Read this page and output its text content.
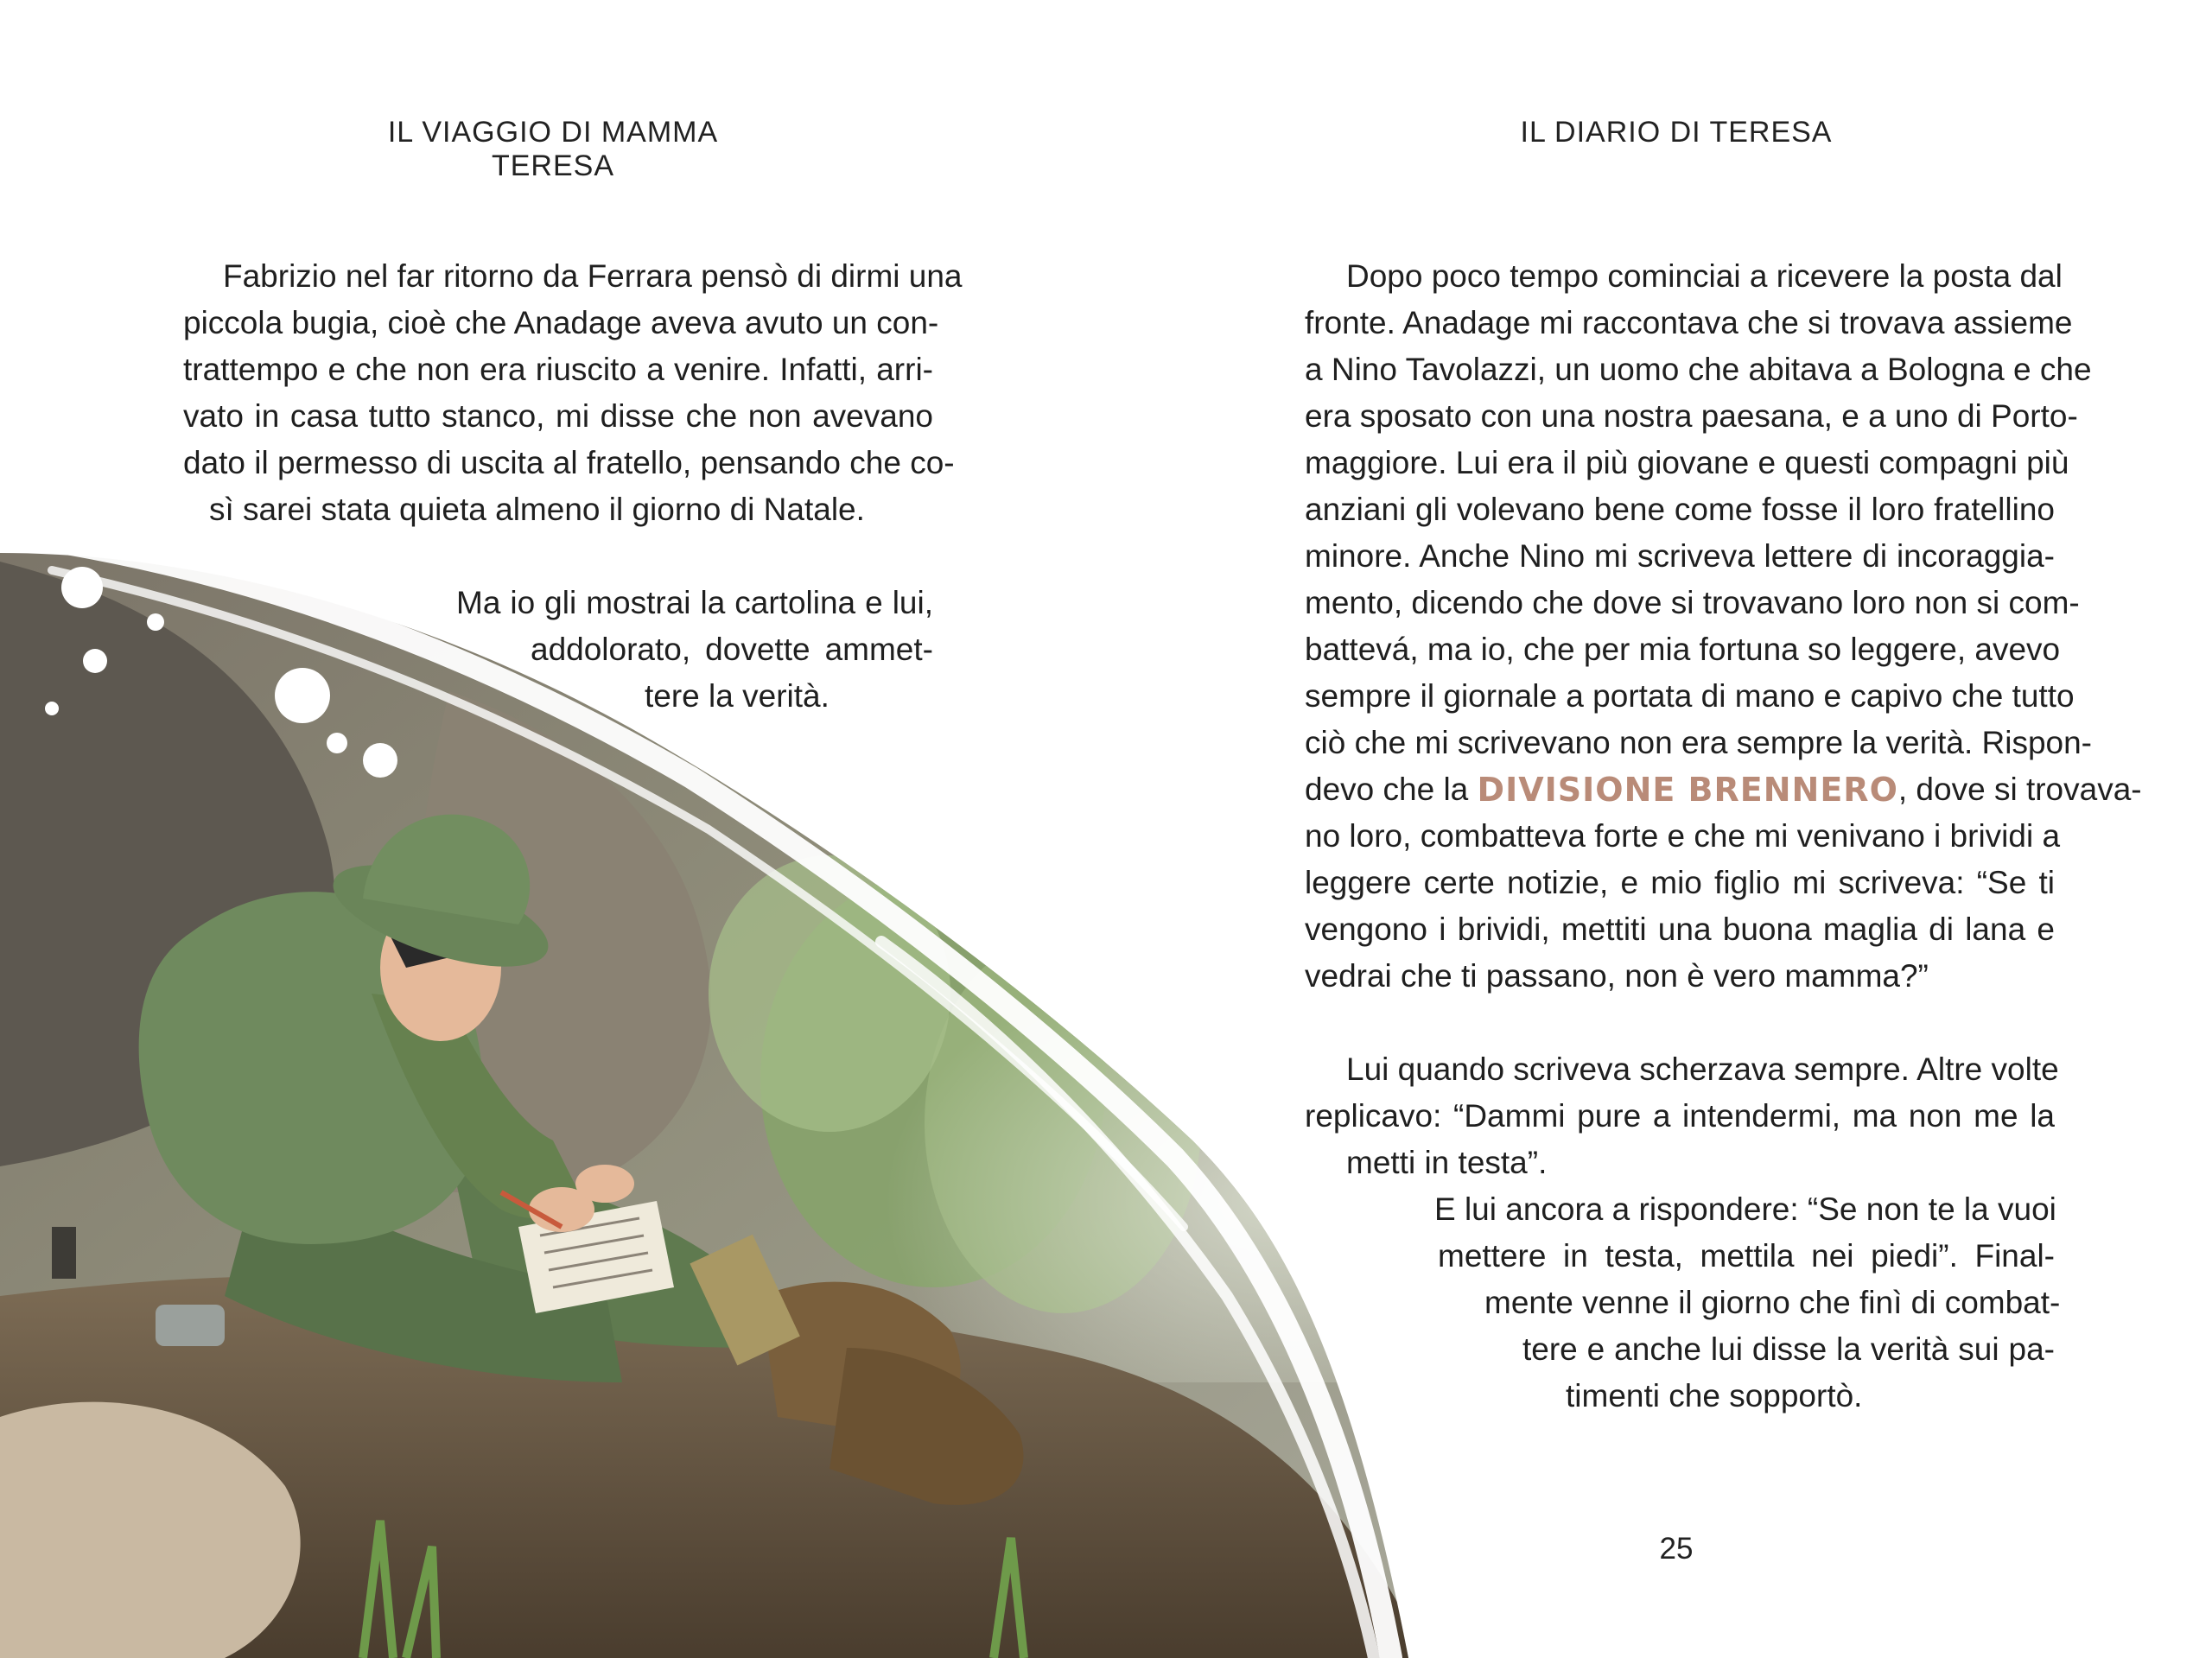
IL VIAGGIO DI MAMMA TERESA
Fabrizio nel far ritorno da Ferrara pensò di dirmi una
piccola bugia, cioè che Anadage aveva avuto un con-
trattempo e che non era riuscito a venire. Infatti, arri-
vato in casa tutto stanco, mi disse che non avevano
dato il permesso di uscita al fratello, pensando che co-
sì sarei stata quieta almeno il giorno di Natale.
Ma io gli mostrai la cartolina e lui,
addolorato, dovette ammet-
tere la verità.
IL DIARIO DI TERESA
Dopo poco tempo cominciai a ricevere la posta dal
fronte. Anadage mi raccontava che si trovava assieme
a Nino Tavolazzi, un uomo che abitava a Bologna e che
era sposato con una nostra paesana, e a uno di Porto-
maggiore. Lui era il più giovane e questi compagni più
anziani gli volevano bene come fosse il loro fratellino
minore. Anche Nino mi scriveva lettere di incoraggia-
mento, dicendo che dove si trovavano loro non si com-
battevá, ma io, che per mia fortuna so leggere, avevo
sempre il giornale a portata di mano e capivo che tutto
ciò che mi scrivevano non era sempre la verità. Rispon-
devo che la DIVISIONE BRENNERO , dove si trovava-
no loro, combatteva forte e che mi venivano i brividi a
leggere certe notizie, e mio figlio mi scriveva: “Se ti
vengono i brividi, mettiti una buona maglia di lana e
vedrai che ti passano, non è vero mamma?”
Lui quando scriveva scherzava sempre. Altre volte
replicavo: “Dammi pure a intendermi, ma non me la
metti in testa”.
E lui ancora a rispondere: “Se non te la vuoi
mettere in testa, mettila nei piedi”. Final-
mente venne il giorno che finì di combat-
tere e anche lui disse la verità sui pa-
timenti che sopportò.
25
